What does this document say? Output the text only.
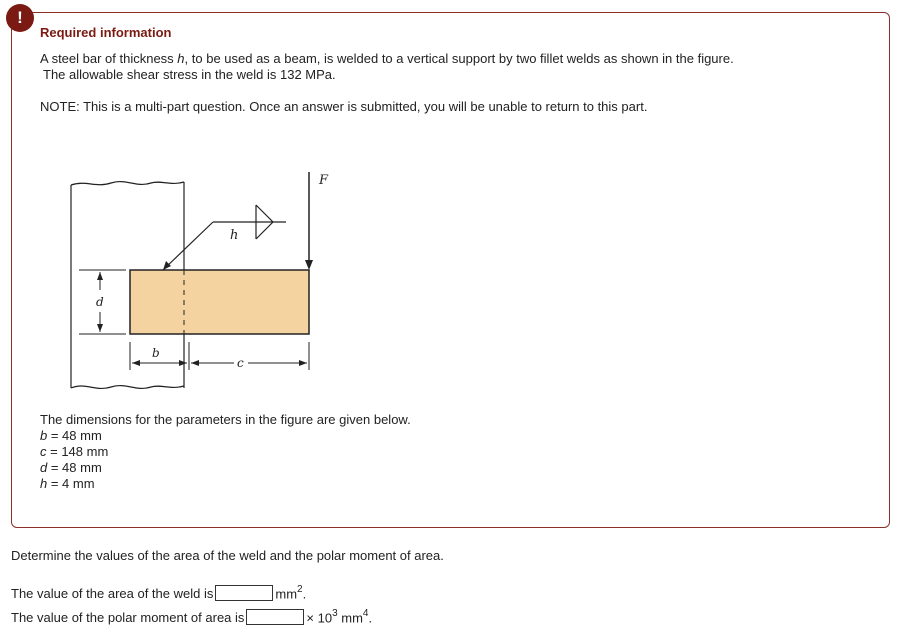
!
Required information
A steel bar of thickness h, to be used as a beam, is welded to a vertical support by two fillet welds as shown in the figure.
The allowable shear stress in the weld is 132 MPa.
NOTE: This is a multi-part question. Once an answer is submitted, you will be unable to return to this part.
h
F
d
b
c
The dimensions for the parameters in the figure are given below.
b = 48 mm
c = 148 mm
d = 48 mm
h = 4 mm
Determine the values of the area of the weld and the polar moment of area.
The value of the area of the weld is	$mm^2$.
The value of the polar moment of area is	× $10^3$ $mm^4$.
